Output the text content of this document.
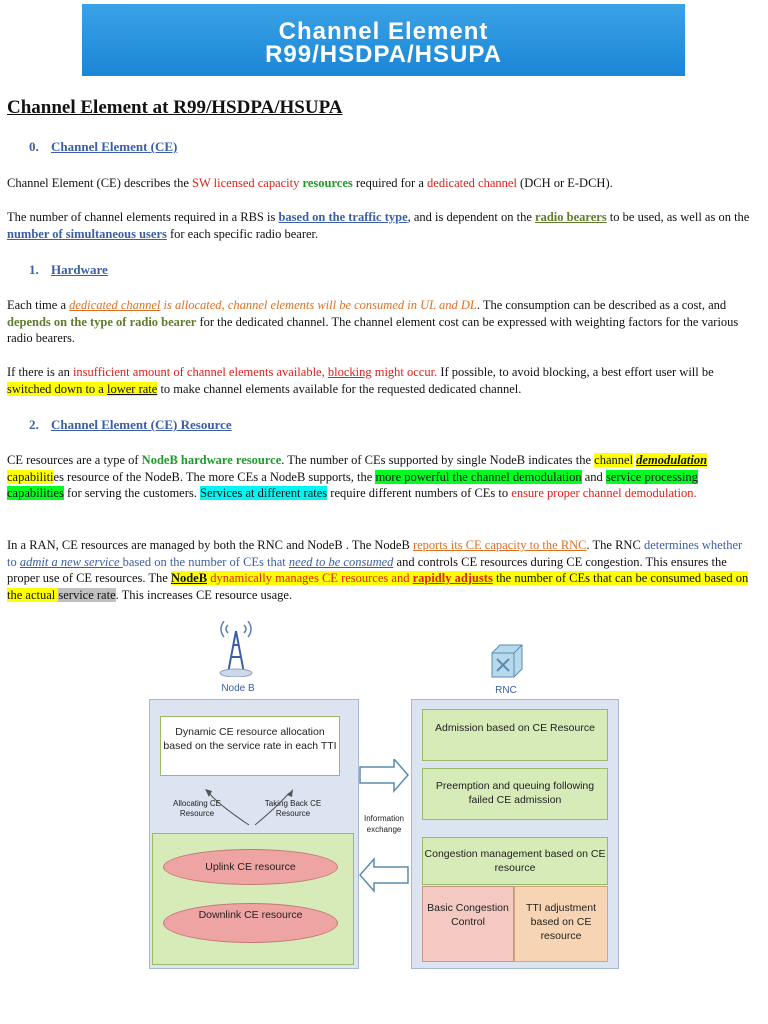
Channel Element
R99/HSDPA/HSUPA
Channel Element at R99/HSDPA/HSUPA
0. Channel Element (CE)
Channel Element (CE) describes the SW licensed capacity resources required for a dedicated channel (DCH or E-DCH).
The number of channel elements required in a RBS is based on the traffic type, and is dependent on the radio bearers to be used, as well as on the number of simultaneous users for each specific radio bearer.
1. Hardware
Each time a dedicated channel is allocated, channel elements will be consumed in UL and DL. The consumption can be described as a cost, and depends on the type of radio bearer for the dedicated channel. The channel element cost can be expressed with weighting factors for the various radio bearers.
If there is an insufficient amount of channel elements available, blocking might occur. If possible, to avoid blocking, a best effort user will be switched down to a lower rate to make channel elements available for the requested dedicated channel.
2. Channel Element (CE) Resource
CE resources are a type of NodeB hardware resource. The number of CEs supported by single NodeB indicates the channel demodulation capabilities resource of the NodeB. The more CEs a NodeB supports, the more powerful the channel demodulation and service processing capabilities for serving the customers. Services at different rates require different numbers of CEs to ensure proper channel demodulation.
In a RAN, CE resources are managed by both the RNC and NodeB . The NodeB reports its CE capacity to the RNC. The RNC determines whether to admit a new service based on the number of CEs that need to be consumed and controls CE resources during CE congestion. This ensures the proper use of CE resources. The NodeB dynamically manages CE resources and rapidly adjusts the number of CEs that can be consumed based on the actual service rate. This increases CE resource usage.
Node B	RNC
Dynamic CE resource allocation based on the service rate in each TTI
Allocating CE Resource
Taking Back CE Resource
Uplink CE resource
Downlink CE resource
Information exchange
Admission based on CE Resource
Preemption and queuing following failed CE admission
Congestion management based on CE resource
Basic Congestion Control
TTI adjustment based on CE resource
